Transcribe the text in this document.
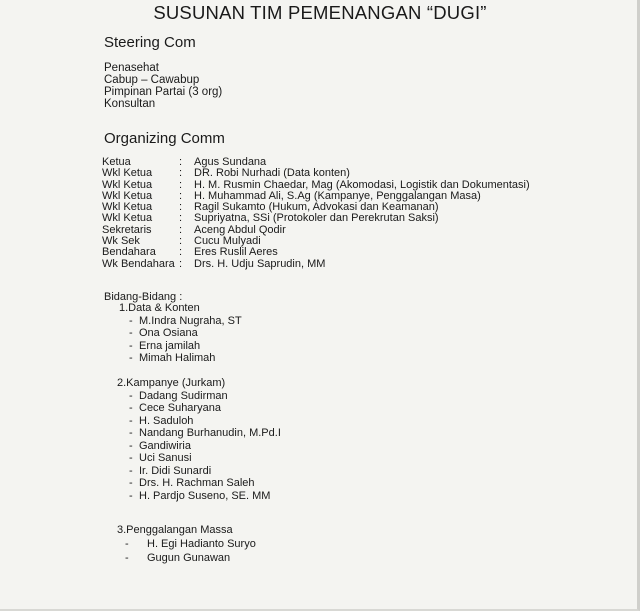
SUSUNAN TIM PEMENANGAN “DUGI”
Steering Com
Penasehat
Cabup – Cawabup
Pimpinan Partai (3 org)
Konsultan
Organizing Comm
Ketua	: Agus Sundana
Wkl Ketua : DR. Robi Nurhadi (Data konten)
Wkl Ketua : H. M. Rusmin Chaedar, Mag (Akomodasi, Logistik dan Dokumentasi)
Wkl Ketua : H. Muhammad Ali, S.Ag (Kampanye, Penggalangan Masa)
Wkl Ketua : Ragil Sukamto (Hukum, Advokasi dan Keamanan)
Wkl Ketua : Supriyatna, SSi (Protokoler dan Perekrutan Saksi)
Sekretaris : Aceng Abdul Qodir
Wk Sek	: Cucu Mulyadi
Bendahara : Eres Ruslil Aeres
Wk Bendahara : Drs. H. Udju Saprudin, MM
Bidang-Bidang :
1.Data & Konten
- M.Indra Nugraha, ST
- Ona Osiana
- Erna jamilah
- Mimah Halimah
2.Kampanye (Jurkam)
- Dadang Sudirman
- Cece Suharyana
- H. Saduloh
- Nandang Burhanudin, M.Pd.I
- Gandiwiria
- Uci Sanusi
- Ir. Didi Sunardi
- Drs. H. Rachman Saleh
- H. Pardjo Suseno, SE. MM
3.Penggalangan Massa
-	H. Egi Hadianto Suryo
-	Gugun Gunawan
